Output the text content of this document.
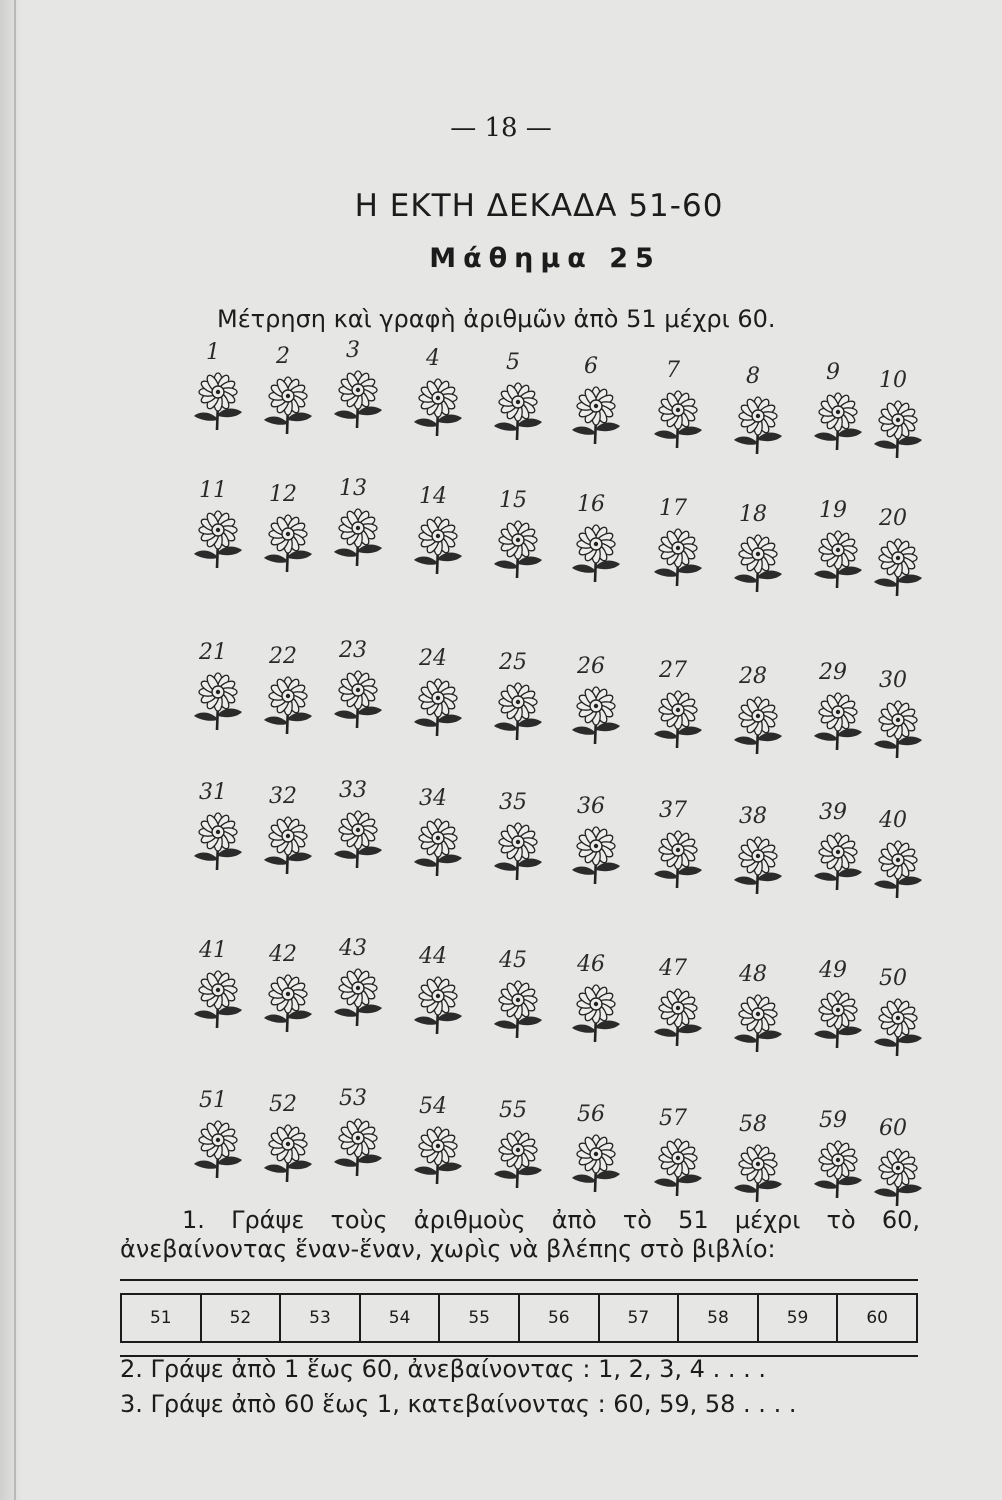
— 18 —
Η ΕΚΤΗ ΔΕΚΑΔΑ 51-60
Μάθημα 25
Μέτρηση καὶ γραφὴ ἀριθμῶν ἀπὸ 51 μέχρι 60.
1	2	3	4	5	6	7	8	9	10
11	12	13	14	15	16	17	18	19	20
21	22	23	24	25	26	27	28	29	30
31	32	33	34	35	36	37	38	39	40
41	42	43	44	45	46	47	48	49	50
51	52	53	54	55	56	57	58	59	60
1. Γράψε τοὺς ἀριθμοὺς ἀπὸ τὸ 51 μέχρι τὸ 60, ἀνεβαίνοντας ἕναν-ἕναν, χωρὶς νὰ βλέπης στὸ βιβλίο:
51	52	53	54	55	56	57	58	59	60
2. Γράψε ἀπὸ 1 ἕως 60, ἀνεβαίνοντας : 1, 2, 3, 4 . . . .
3. Γράψε ἀπὸ 60 ἕως 1, κατεβαίνοντας : 60, 59, 58 . . . .
